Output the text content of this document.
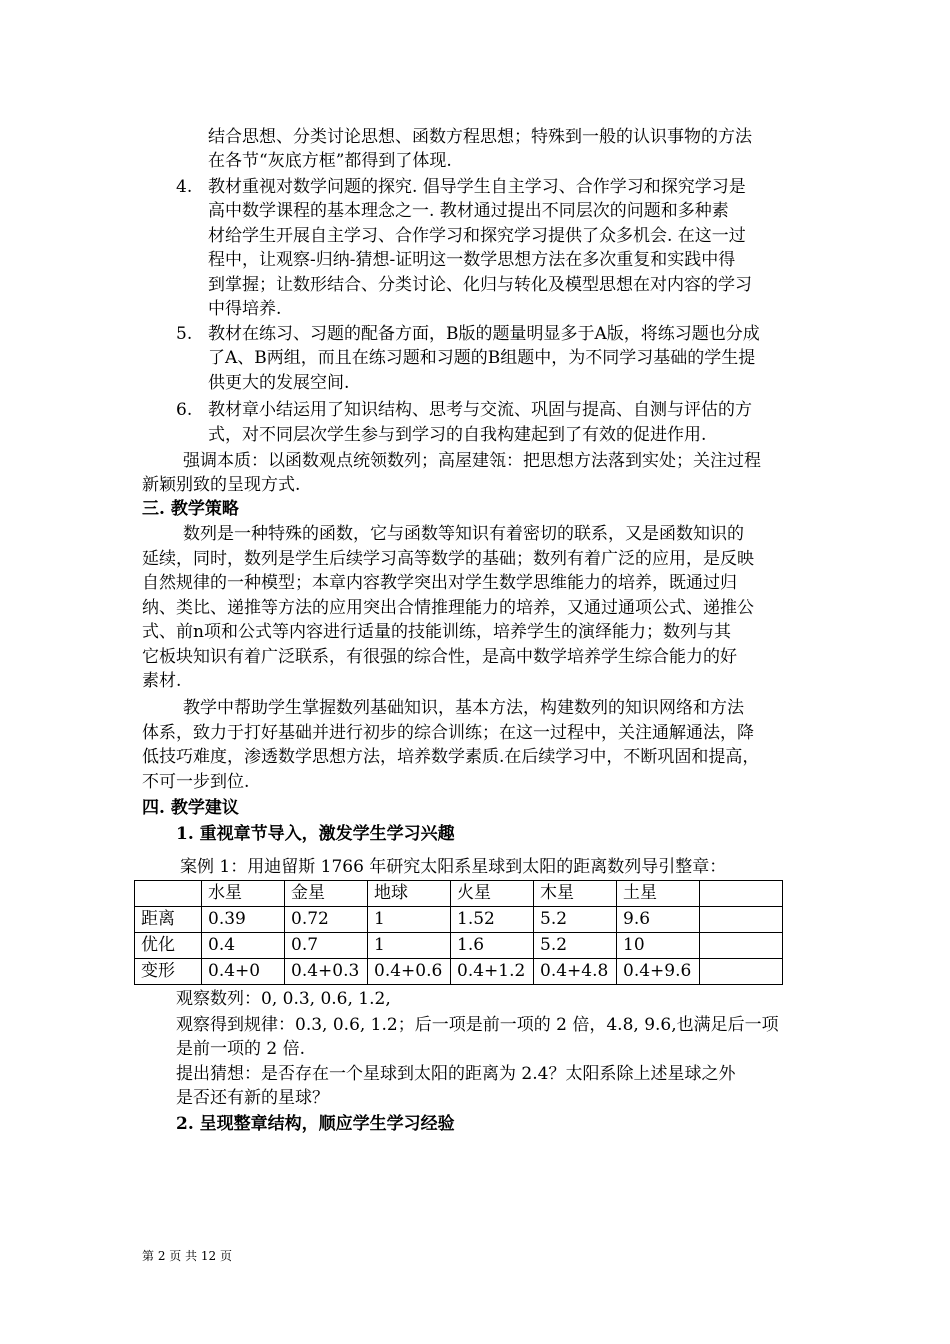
结合思想、分类讨论思想、函数方程思想；特殊到一般的认识事物的方法
在各节“灰底方框”都得到了体现.
4. 教材重视对数学问题的探究. 倡导学生自主学习、合作学习和探究学习是
高中数学课程的基本理念之一. 教材通过提出不同层次的问题和多种素
材给学生开展自主学习、合作学习和探究学习提供了众多机会. 在这一过
程中，让观察-归纳-猜想-证明这一数学思想方法在多次重复和实践中得
到掌握；让数形结合、分类讨论、化归与转化及模型思想在对内容的学习
中得培养.
5. 教材在练习、习题的配备方面，B版的题量明显多于A版，将练习题也分成
了A、B两组，而且在练习题和习题的B组题中，为不同学习基础的学生提
供更大的发展空间.
6. 教材章小结运用了知识结构、思考与交流、巩固与提高、自测与评估的方
式，对不同层次学生参与到学习的自我构建起到了有效的促进作用.
强调本质：以函数观点统领数列；高屋建瓴：把思想方法落到实处；关注过程
新颖别致的呈现方式.
三. 教学策略
数列是一种特殊的函数，它与函数等知识有着密切的联系，又是函数知识的
延续，同时，数列是学生后续学习高等数学的基础；数列有着广泛的应用，是反映
自然规律的一种模型；本章内容教学突出对学生数学思维能力的培养，既通过归
纳、类比、递推等方法的应用突出合情推理能力的培养，又通过通项公式、递推公
式、前n项和公式等内容进行适量的技能训练，培养学生的演绎能力；数列与其
它板块知识有着广泛联系，有很强的综合性，是高中数学培养学生综合能力的好
素材.
教学中帮助学生掌握数列基础知识，基本方法，构建数列的知识网络和方法
体系，致力于打好基础并进行初步的综合训练；在这一过程中，关注通解通法，降
低技巧难度，渗透数学思想方法，培养数学素质.在后续学习中，不断巩固和提高，
不可一步到位.
四. 教学建议
1. 重视章节导入，激发学生学习兴趣
案例 1：用迪留斯 1766 年研究太阳系星球到太阳的距离数列导引整章：
	水星	金星	地球	火星	木星	土星	
距离	0.39	0.72	1	1.52	5.2	9.6	
优化	0.4	0.7	1	1.6	5.2	10	
变形	0.4+0	0.4+0.3	0.4+0.6	0.4+1.2	0.4+4.8	0.4+9.6	
观察数列：0, 0.3, 0.6, 1.2,
观察得到规律：0.3, 0.6, 1.2；后一项是前一项的 2 倍，4.8, 9.6,也满足后一项
是前一项的 2 倍.
提出猜想：是否存在一个星球到太阳的距离为 2.4？太阳系除上述星球之外
是否还有新的星球？
2. 呈现整章结构，顺应学生学习经验
第 2 页 共 12 页
